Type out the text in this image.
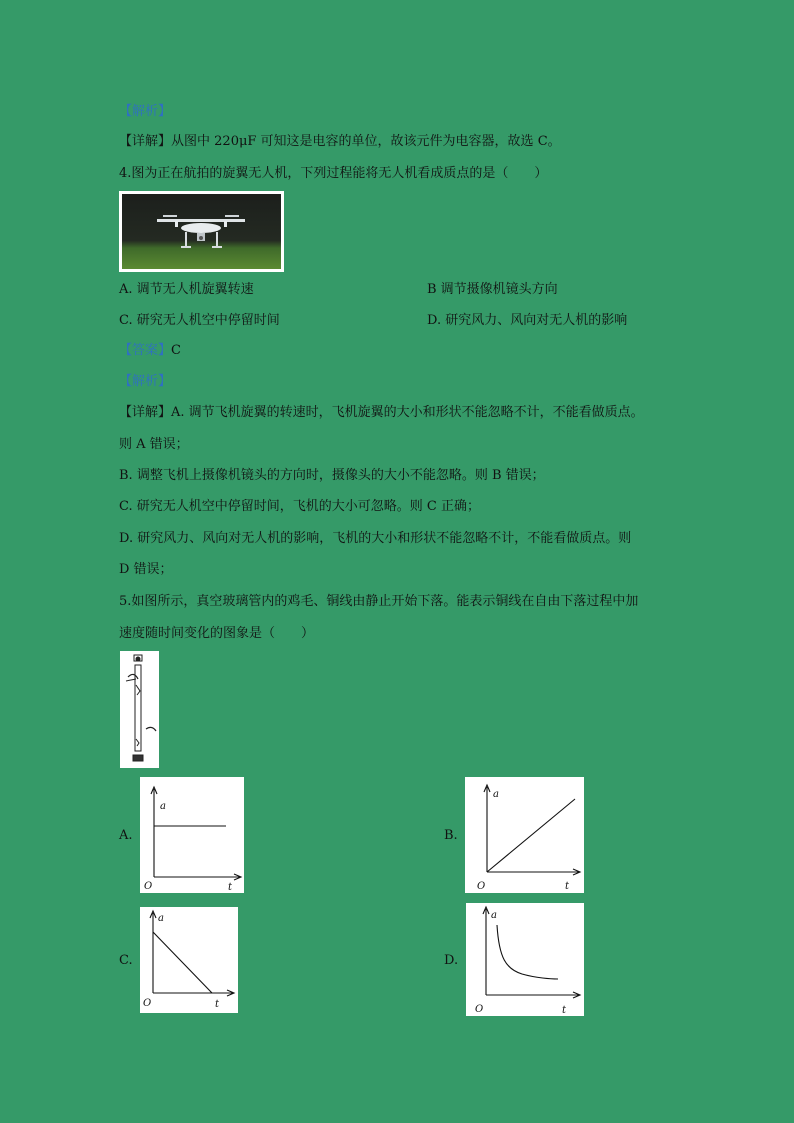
【解析】
【详解】从图中 220μF 可知这是电容的单位，故该元件为电容器，故选 C。
4.图为正在航拍的旋翼无人机，下列过程能将无人机看成质点的是（　　）
A. 调节无人机旋翼转速	B 调节摄像机镜头方向
C. 研究无人机空中停留时间	D. 研究风力、风向对无人机的影响
【答案】C
【解析】
【详解】A. 调节飞机旋翼的转速时，飞机旋翼的大小和形状不能忽略不计，不能看做质点。
则 A 错误；
B. 调整飞机上摄像机镜头的方向时，摄像头的大小不能忽略。则 B 错误；
C. 研究无人机空中停留时间，飞机的大小可忽略。则 C 正确；
D. 研究风力、风向对无人机的影响，飞机的大小和形状不能忽略不计，不能看做质点。则
D 错误；
5.如图所示，真空玻璃管内的鸡毛、铜线由静止开始下落。能表示铜线在自由下落过程中加
速度随时间变化的图象是（　　）
A.
a
t
O
B.
a
t
O
C.
a
t
O
D.
a
t
O
